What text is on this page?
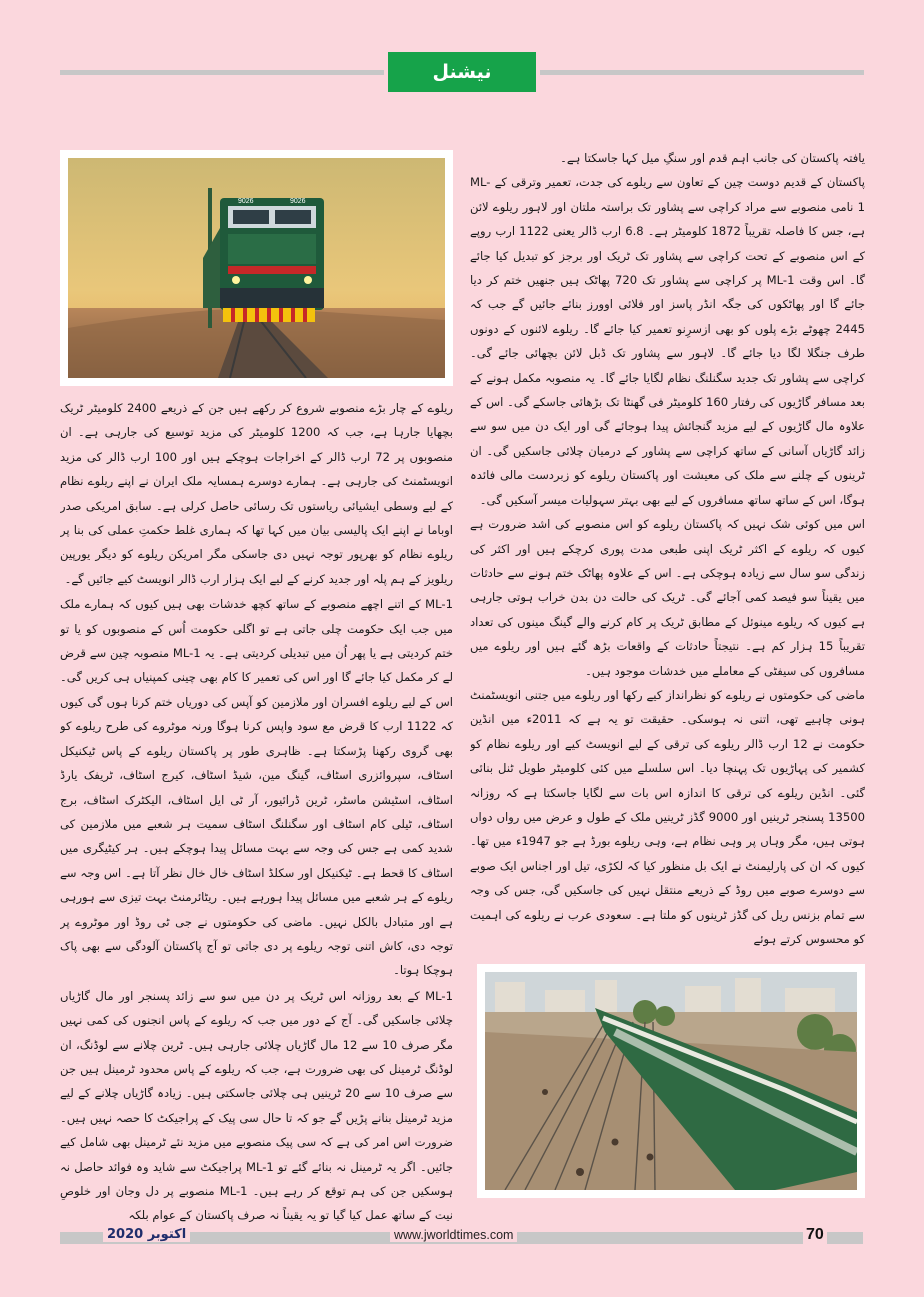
نیشنل
9026	9026

یافتہ پاکستان کی جانب اہم قدم اور سنگِ میل کہا جاسکتا ہے۔

پاکستان کے قدیم دوست چین کے تعاون سے ریلوے کی جدت، تعمیر وترقی کے ML-1 نامی منصوبے سے مراد کراچی سے پشاور تک براستہ ملتان اور لاہور ریلوے لائن ہے، جس کا فاصلہ تقریباً 1872 کلومیٹر ہے۔ 6.8 ارب ڈالر یعنی 1122 ارب روپے کے اس منصوبے کے تحت کراچی سے پشاور تک ٹریک اور برجز کو تبدیل کیا جائے گا۔ اس وقت ML-1 پر کراچی سے پشاور تک 720 پھاٹک ہیں جنھیں ختم کر دیا جائے گا اور پھاٹکوں کی جگہ انڈر پاسز اور فلائی اوورز بنائے جائیں گے جب کہ 2445 چھوٹے بڑے پلوں کو بھی ازسرِنو تعمیر کیا جائے گا۔ ریلوے لائنوں کے دونوں طرف جنگلا لگا دیا جائے گا۔ لاہور سے پشاور تک ڈبل لائن بچھائی جائے گی۔ کراچی سے پشاور تک جدید سگنلنگ نظام لگایا جائے گا۔ یہ منصوبہ مکمل ہونے کے بعد مسافر گاڑیوں کی رفتار 160 کلومیٹر فی گھنٹا تک بڑھائی جاسکے گی۔ اس کے علاوہ مال گاڑیوں کے لیے مزید گنجائش پیدا ہوجائے گی اور ایک دن میں سو سے زائد گاڑیاں آسانی کے ساتھ کراچی سے پشاور کے درمیان چلائی جاسکیں گی۔ ان ٹرینوں کے چلنے سے ملک کی معیشت اور پاکستان ریلوے کو زبردست مالی فائدہ ہوگا، اس کے ساتھ ساتھ مسافروں کے لیے بھی بہتر سہولیات میسر آسکیں گی۔

اس میں کوئی شک نہیں کہ پاکستان ریلوے کو اس منصوبے کی اشد ضرورت ہے کیوں کہ ریلوے کے اکثر ٹریک اپنی طبعی مدت پوری کرچکے ہیں اور اکثر کی زندگی سو سال سے زیادہ ہوچکی ہے۔ اس کے علاوہ پھاٹک ختم ہونے سے حادثات میں یقیناً سو فیصد کمی آجائے گی۔ ٹریک کی حالت دن بدن خراب ہوتی جارہی ہے کیوں کہ ریلوے مینوئل کے مطابق ٹریک پر کام کرنے والے گینگ مینوں کی تعداد تقریباً 15 ہزار کم ہے۔ نتیجتاً حادثات کے واقعات بڑھ گئے ہیں اور ریلوے میں مسافروں کی سیفٹی کے معاملے میں خدشات موجود ہیں۔

ماضی کی حکومتوں نے ریلوے کو نظرانداز کیے رکھا اور ریلوے میں جتنی انویسٹمنٹ ہونی چاہیے تھی، اتنی نہ ہوسکی۔ حقیقت تو یہ ہے کہ 2011ء میں انڈین حکومت نے 12 ارب ڈالر ریلوے کی ترقی کے لیے انویسٹ کیے اور ریلوے نظام کو کشمیر کی پہاڑیوں تک پہنچا دیا۔ اس سلسلے میں کئی کلومیٹر طویل ٹنل بنائی گئی۔ انڈین ریلوے کی ترقی کا اندازہ اس بات سے لگایا جاسکتا ہے کہ روزانہ 13500 پسنجر ٹرینیں اور 9000 گڈز ٹرینیں ملک کے طول و عرض میں رواں دواں ہوتی ہیں، مگر وہاں پر وہی نظام ہے، وہی ریلوے بورڈ ہے جو 1947ء میں تھا۔ کیوں کہ ان کی پارلیمنٹ نے ایک بل منظور کیا کہ لکڑی، تیل اور اجناس ایک صوبے سے دوسرے صوبے میں روڈ کے ذریعے منتقل نہیں کی جاسکیں گی، جس کی وجہ سے تمام بزنس ریل کی گڈز ٹرینوں کو ملتا ہے۔ سعودی عرب نے ریلوے کی اہمیت کو محسوس کرتے ہوئے

ریلوے کے چار بڑے منصوبے شروع کر رکھے ہیں جن کے ذریعے 2400 کلومیٹر ٹریک بچھایا جارہا ہے، جب کہ 1200 کلومیٹر کی مزید توسیع کی جارہی ہے۔ ان منصوبوں پر 72 ارب ڈالر کے اخراجات ہوچکے ہیں اور 100 ارب ڈالر کی مزید انویسٹمنٹ کی جارہی ہے۔ ہمارے دوسرے ہمسایہ ملک ایران نے اپنے ریلوے نظام کے لیے وسطی ایشیائی ریاستوں تک رسائی حاصل کرلی ہے۔ سابق امریکی صدر اوباما نے اپنے ایک پالیسی بیان میں کہا تھا کہ ہماری غلط حکمتِ عملی کی بنا پر ریلوے نظام کو بھرپور توجہ نہیں دی جاسکی مگر امریکن ریلوے کو دیگر یورپین ریلویز کے ہم پلہ اور جدید کرنے کے لیے ایک ہزار ارب ڈالر انویسٹ کیے جائیں گے۔

ML-1 کے اتنے اچھے منصوبے کے ساتھ کچھ خدشات بھی ہیں کیوں کہ ہمارے ملک میں جب ایک حکومت چلی جاتی ہے تو اگلی حکومت اُس کے منصوبوں کو یا تو ختم کردیتی ہے یا پھر اُن میں تبدیلی کردیتی ہے۔ یہ ML-1 منصوبہ چین سے قرض لے کر مکمل کیا جائے گا اور اس کی تعمیر کا کام بھی چینی کمپنیاں ہی کریں گی۔ اس کے لیے ریلوے افسران اور ملازمین کو آپس کی دوریاں ختم کرنا ہوں گی کیوں کہ 1122 ارب کا قرض مع سود واپس کرنا ہوگا ورنہ موٹروے کی طرح ریلوے کو بھی گروی رکھنا پڑسکتا ہے۔ ظاہری طور پر پاکستان ریلوے کے پاس ٹیکنیکل اسٹاف، سپروائزری اسٹاف، گینگ مین، شیڈ اسٹاف، کیرج اسٹاف، ٹریفک یارڈ اسٹاف، اسٹیشن ماسٹر، ٹرین ڈرائیور، آر ٹی ایل اسٹاف، الیکٹرک اسٹاف، برج اسٹاف، ٹیلی کام اسٹاف اور سگنلنگ اسٹاف سمیت ہر شعبے میں ملازمین کی شدید کمی ہے جس کی وجہ سے بہت مسائل پیدا ہوچکے ہیں۔ ہر کیٹیگری میں اسٹاف کا قحط ہے۔ ٹیکنیکل اور سکلڈ اسٹاف خال خال نظر آتا ہے۔ اس وجہ سے ریلوے کے ہر شعبے میں مسائل پیدا ہورہے ہیں۔ ریٹائرمنٹ بہت تیزی سے ہورہی ہے اور متبادل بالکل نہیں۔ ماضی کی حکومتوں نے جی ٹی روڈ اور موٹروے پر توجہ دی، کاش اتنی توجہ ریلوے پر دی جاتی تو آج پاکستان آلودگی سے بھی پاک ہوچکا ہوتا۔

ML-1 کے بعد روزانہ اس ٹریک پر دن میں سو سے زائد پسنجر اور مال گاڑیاں چلائی جاسکیں گی۔ آج کے دور میں جب کہ ریلوے کے پاس انجنوں کی کمی نہیں مگر صرف 10 سے 12 مال گاڑیاں چلائی جارہی ہیں۔ ٹرین چلانے سے لوڈنگ، ان لوڈنگ ٹرمینل کی بھی ضرورت ہے، جب کہ ریلوے کے پاس محدود ٹرمینل ہیں جن سے صرف 10 سے 20 ٹرینیں ہی چلائی جاسکتی ہیں۔ زیادہ گاڑیاں چلانے کے لیے مزید ٹرمینل بنانے پڑیں گے جو کہ تا حال سی پیک کے پراجیکٹ کا حصہ نہیں ہیں۔ ضرورت اس امر کی ہے کہ سی پیک منصوبے میں مزید نئے ٹرمینل بھی شامل کیے جائیں۔ اگر یہ ٹرمینل نہ بنائے گئے تو ML-1 پراجیکٹ سے شاید وہ فوائد حاصل نہ ہوسکیں جن کی ہم توقع کر رہے ہیں۔ ML-1 منصوبے پر دل وجان اور خلوصِ نیت کے ساتھ عمل کیا گیا تو یہ یقیناً نہ صرف پاکستان کے عوام بلکہ

اکتوبر 2020	www.jworldtimes.com	70
